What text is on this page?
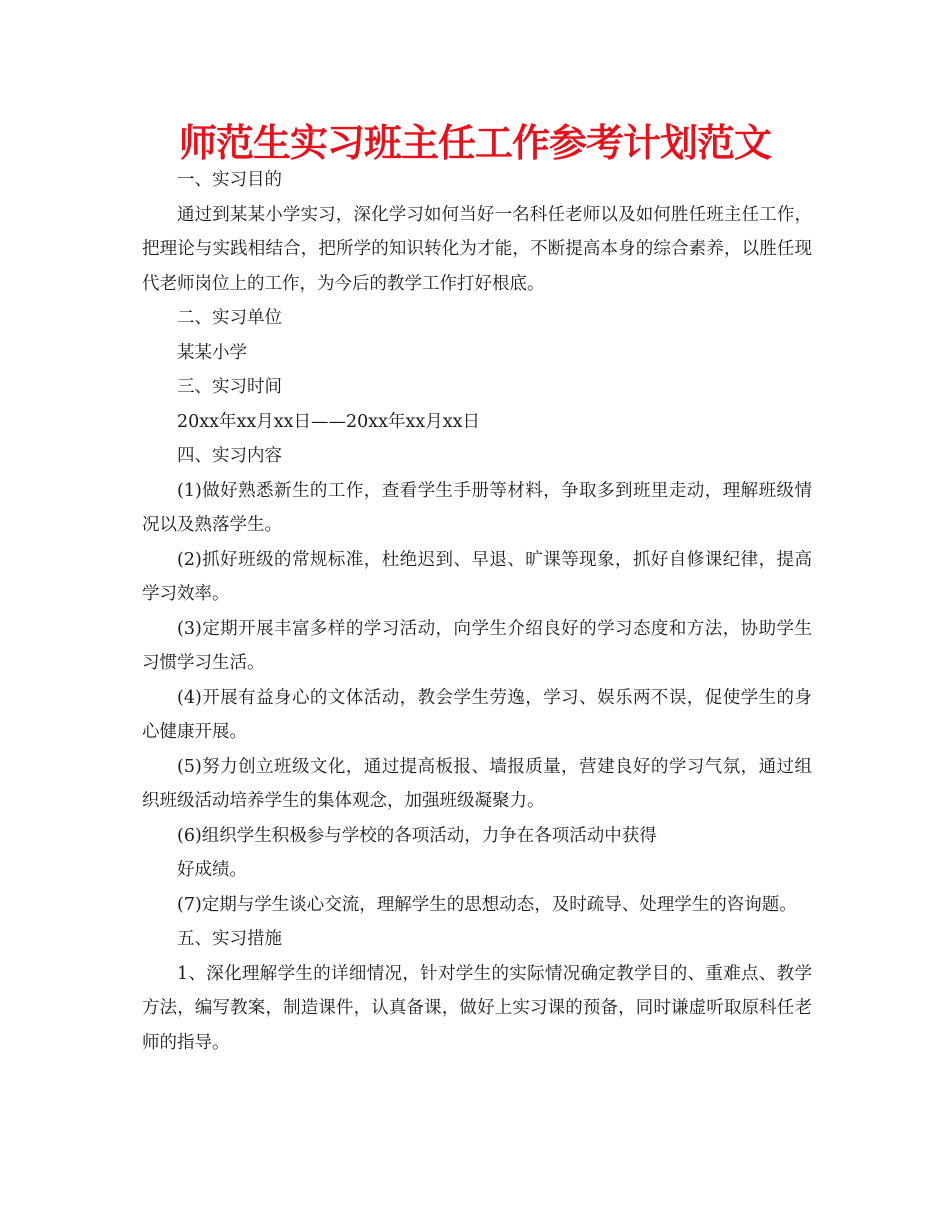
师范生实习班主任工作参考计划范文

一、实习目的

通过到某某小学实习，深化学习如何当好一名科任老师以及如何胜任班主任工作，把理论与实践相结合，把所学的知识转化为才能，不断提高本身的综合素养，以胜任现代老师岗位上的工作，为今后的教学工作打好根底。

二、实习单位

某某小学

三、实习时间

20xx年xx月xx日——20xx年xx月xx日

四、实习内容

(1)做好熟悉新生的工作，查看学生手册等材料，争取多到班里走动，理解班级情况以及熟落学生。

(2)抓好班级的常规标准，杜绝迟到、早退、旷课等现象，抓好自修课纪律，提高学习效率。

(3)定期开展丰富多样的学习活动，向学生介绍良好的学习态度和方法，协助学生习惯学习生活。

(4)开展有益身心的文体活动，教会学生劳逸，学习、娱乐两不误，促使学生的身心健康开展。

(5)努力创立班级文化，通过提高板报、墙报质量，营建良好的学习气氛，通过组织班级活动培养学生的集体观念，加强班级凝聚力。

(6)组织学生积极参与学校的各项活动，力争在各项活动中获得

好成绩。

(7)定期与学生谈心交流，理解学生的思想动态，及时疏导、处理学生的咨询题。

五、实习措施

1、深化理解学生的详细情况，针对学生的实际情况确定教学目的、重难点、教学方法，编写教案，制造课件，认真备课，做好上实习课的预备，同时谦虚听取原科任老师的指导。
